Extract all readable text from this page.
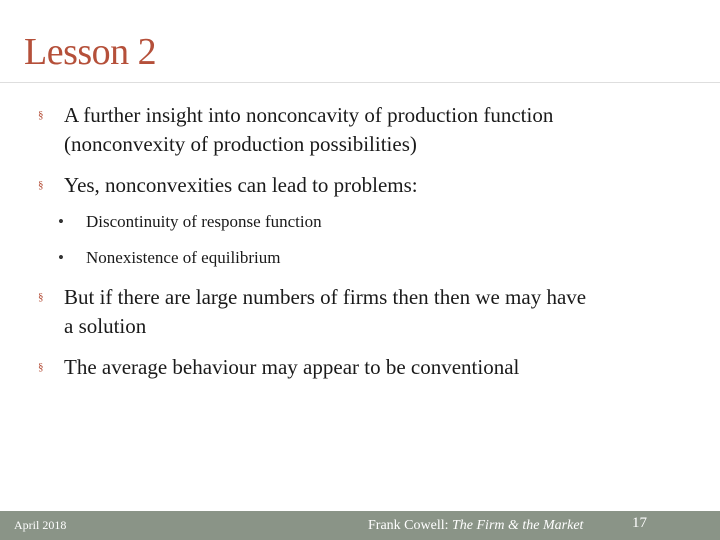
Lesson 2
§ A further insight into nonconcavity of production function
(nonconvexity of production possibilities)
§ Yes, nonconvexities can lead to problems:
•	Discontinuity of response function
•	Nonexistence of equilibrium
§ But if there are large numbers of firms then then we may have
a solution
§ The average behaviour may appear to be conventional
April 2018	Frank Cowell: The Firm & the Market	17
